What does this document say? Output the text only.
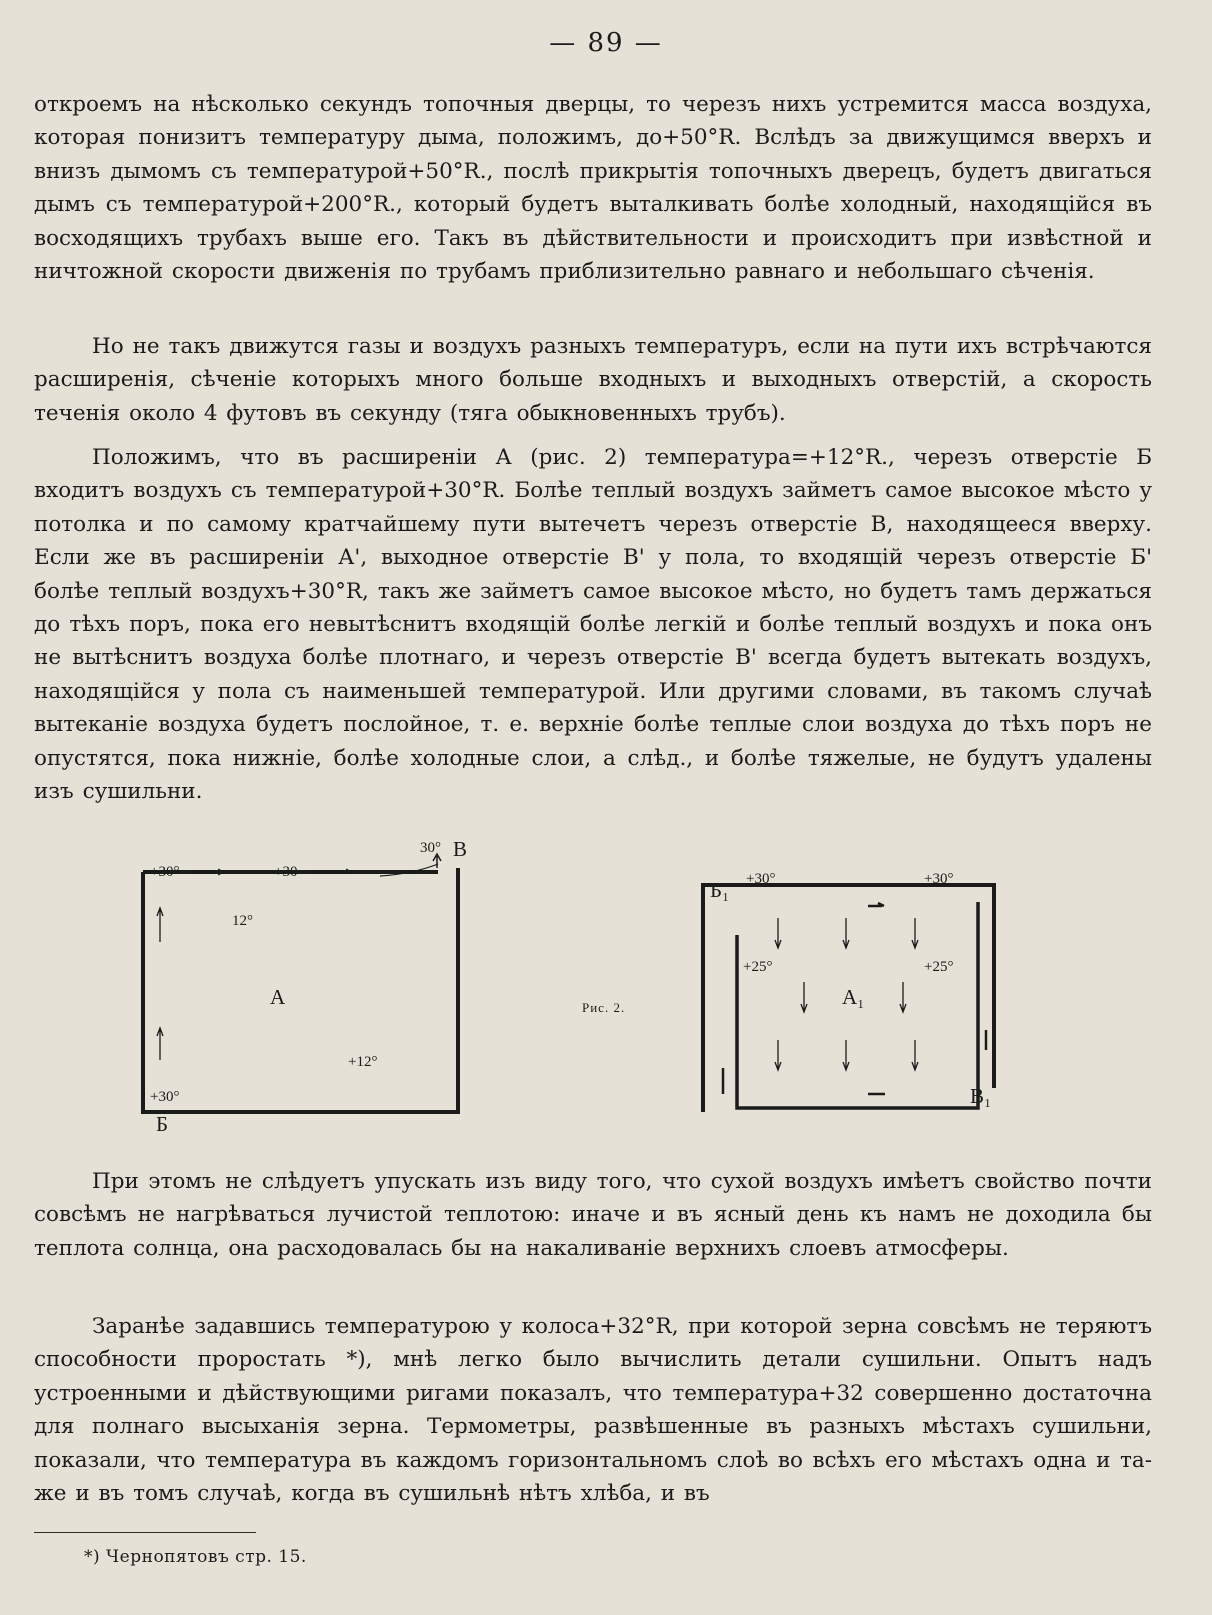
— 89 —

откроемъ на нѣсколько секундъ топочныя дверцы, то черезъ нихъ устремится масса воздуха, которая понизитъ температуру дыма, положимъ, до+50°R. Вслѣдъ за движущимся вверхъ и внизъ дымомъ съ температурой+50°R., послѣ прикрытія топочныхъ дверецъ, будетъ двигаться дымъ съ температурой+200°R., который будетъ выталкивать болѣе холодный, находящійся въ восходящихъ трубахъ выше его. Такъ въ дѣйствительности и происходитъ при извѣстной и ничтожной скорости движенія по трубамъ приблизительно равнаго и небольшаго сѣченія.

Но не такъ движутся газы и воздухъ разныхъ температуръ, если на пути ихъ встрѣчаются расширенія, сѣченіе которыхъ много больше входныхъ и выходныхъ отверстій, а скорость теченія около 4 футовъ въ секунду (тяга обыкновенныхъ трубъ).

Положимъ, что въ расширеніи А (рис. 2) температура=+12°R., черезъ отверстіе Б входитъ воздухъ съ температурой+30°R. Болѣе теплый воздухъ займетъ самое высокое мѣсто у потолка и по самому кратчайшему пути вытечетъ черезъ отверстіе В, находящееся вверху. Если же въ расширеніи А', выходное отверстіе В' у пола, то входящій черезъ отверстіе Б' болѣе теплый воздухъ+30°R, такъ же займетъ самое высокое мѣсто, но будетъ тамъ держаться до тѣхъ поръ, пока его невытѣснитъ входящій болѣе легкій и болѣе теплый воздухъ и пока онъ не вытѣснитъ воздуха болѣе плотнаго, и черезъ отверстіе В' всегда будетъ вытекать воздухъ, находящійся у пола съ наименьшей температурой. Или другими словами, въ такомъ случаѣ вытеканіе воздуха будетъ послойное, т. е. верхніе болѣе теплые слои воздуха до тѣхъ поръ не опустятся, пока нижніе, болѣе холодные слои, а слѣд., и болѣе тяжелые, не будутъ удалены изъ сушильни.

30° В
+30°	+30
12°
А
+12°
+30°
Б
Рис. 2.
Б₁ +30°	+30°
+25°	+25°
А₁
В₁

При этомъ не слѣдуетъ упускать изъ виду того, что сухой воздухъ имѣетъ свойство почти совсѣмъ не нагрѣваться лучистой теплотою: иначе и въ ясный день къ намъ не доходила бы теплота солнца, она расходовалась бы на накаливаніе верхнихъ слоевъ атмосферы.

Заранѣе задавшись температурою у колоса+32°R, при которой зерна совсѣмъ не теряютъ способности проростать *), мнѣ легко было вычислить детали сушильни. Опытъ надъ устроенными и дѣйствующими ригами показалъ, что температура+32 совершенно достаточна для полнаго высыханія зерна. Термометры, развѣшенные въ разныхъ мѣстахъ сушильни, показали, что температура въ каждомъ горизонтальномъ слоѣ во всѣхъ его мѣстахъ одна и та-же и въ томъ случаѣ, когда въ сушильнѣ нѣтъ хлѣба, и въ

*) Чернопятовъ стр. 15.
